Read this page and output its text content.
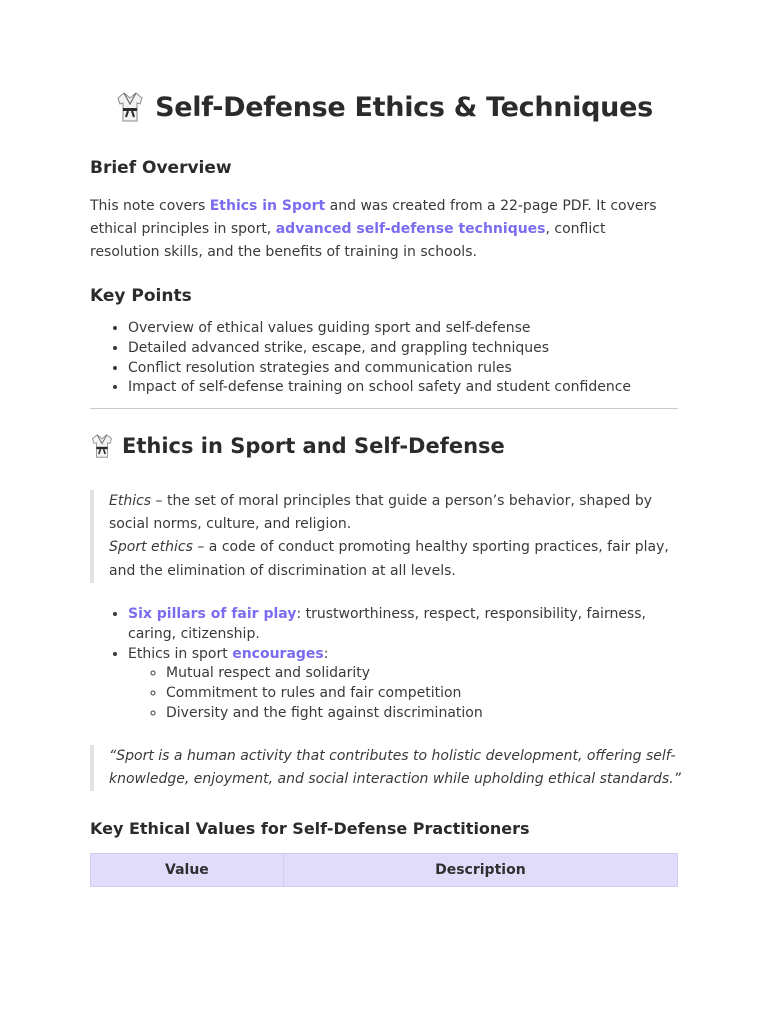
Self-Defense Ethics & Techniques
Brief Overview

This note covers Ethics in Sport and was created from a 22-page PDF. It covers ethical principles in sport, advanced self-defense techniques, conflict resolution skills, and the benefits of training in schools.

Key Points
• Overview of ethical values guiding sport and self-defense
• Detailed advanced strike, escape, and grappling techniques
• Conflict resolution strategies and communication rules
• Impact of self-defense training on school safety and student confidence
Ethics in Sport and Self-Defense

Ethics – the set of moral principles that guide a person’s behavior, shaped by social norms, culture, and religion.

Sport ethics – a code of conduct promoting healthy sporting practices, fair play, and the elimination of discrimination at all levels.

• Six pillars of fair play: trustworthiness, respect, responsibility, fairness, caring, citizenship.
• Ethics in sport encourages:
◦ Mutual respect and solidarity
◦ Commitment to rules and fair competition
◦ Diversity and the fight against discrimination
“Sport is a human activity that contributes to holistic development, offering self-knowledge, enjoyment, and social interaction while upholding ethical standards.”
Key Ethical Values for Self-Defense Practitioners
Value	Description
